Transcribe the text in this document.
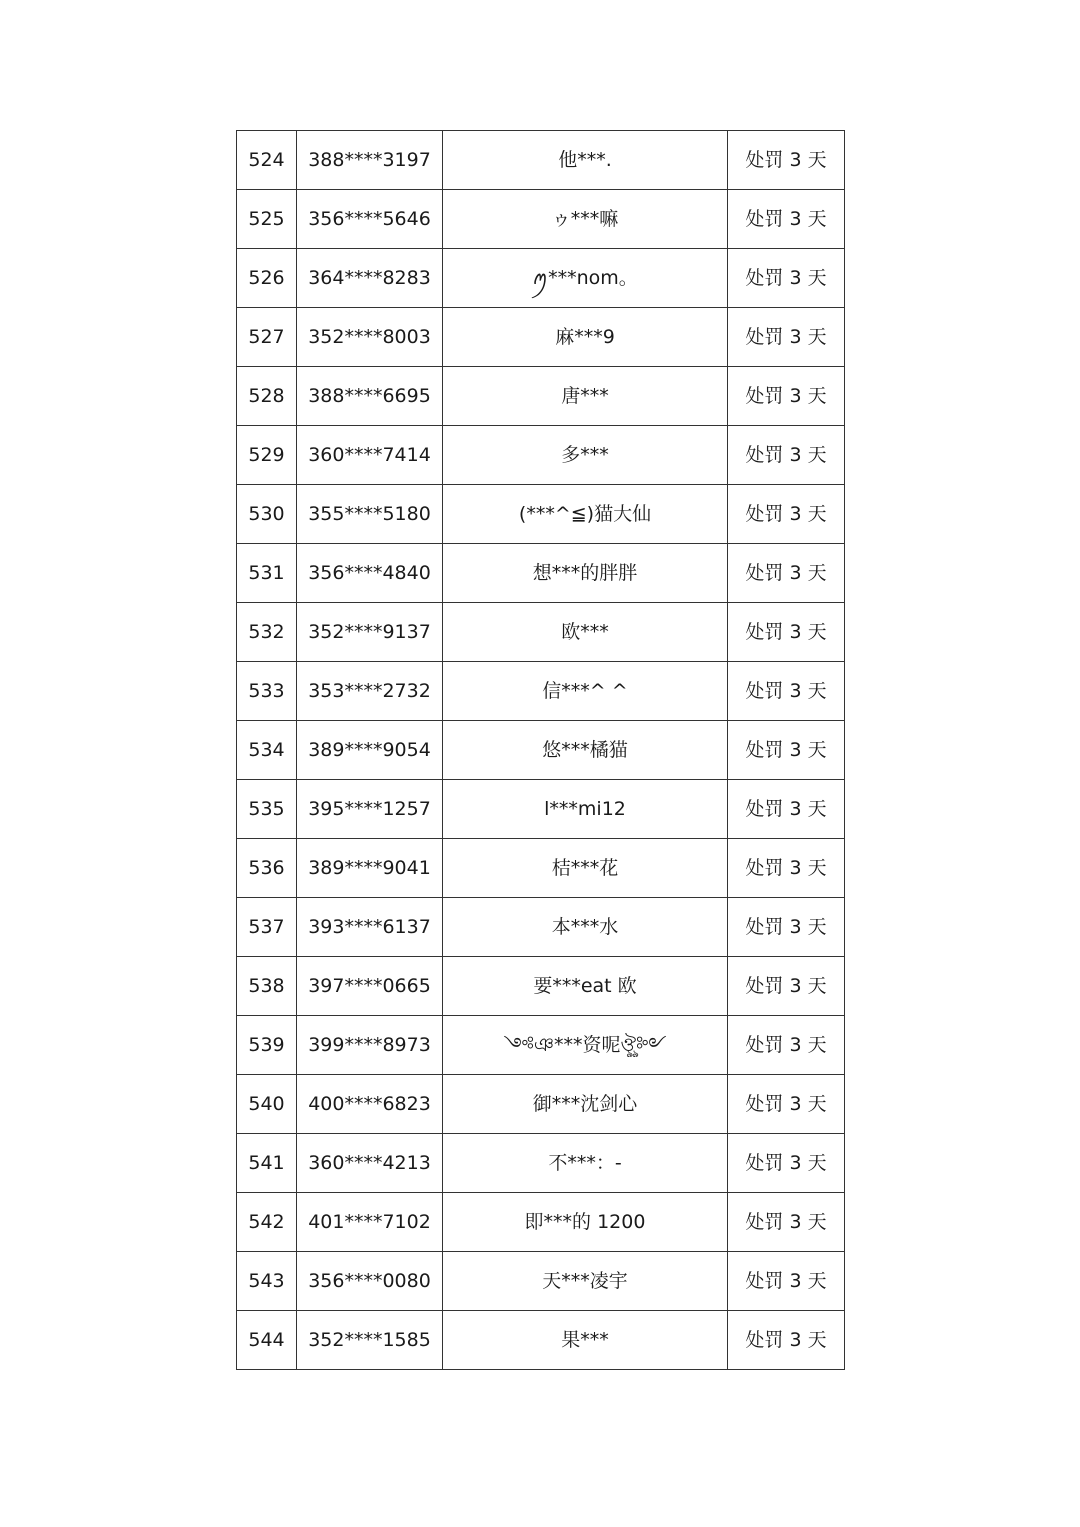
524	388****3197	他***.	处罚 3 天
525	356****5646	ゥ***嘛	处罚 3 天
526	364****8283	ꪑ***nom。	处罚 3 天
527	352****8003	麻***9	处罚 3 天
528	388****6695	唐***	处罚 3 天
529	360****7414	多***	处罚 3 天
530	355****5180	(***^≦)猫大仙	处罚 3 天
531	356****4840	想***的胖胖	处罚 3 天
532	352****9137	欧***	处罚 3 天
533	353****2732	信***^ ^	处罚 3 天
534	389****9054	悠***橘猫	处罚 3 天
535	395****1257	l***mi12	处罚 3 天
536	389****9041	桔***花	处罚 3 天
537	393****6137	本***水	处罚 3 天
538	397****0665	要***eat 欧	处罚 3 天
539	399****8973	༺ঞ***资呢ঔৣ༻	处罚 3 天
540	400****6823	御***沈剑心	处罚 3 天
541	360****4213	不***：-	处罚 3 天
542	401****7102	即***的 1200	处罚 3 天
543	356****0080	天***凌宇	处罚 3 天
544	352****1585	果***	处罚 3 天
